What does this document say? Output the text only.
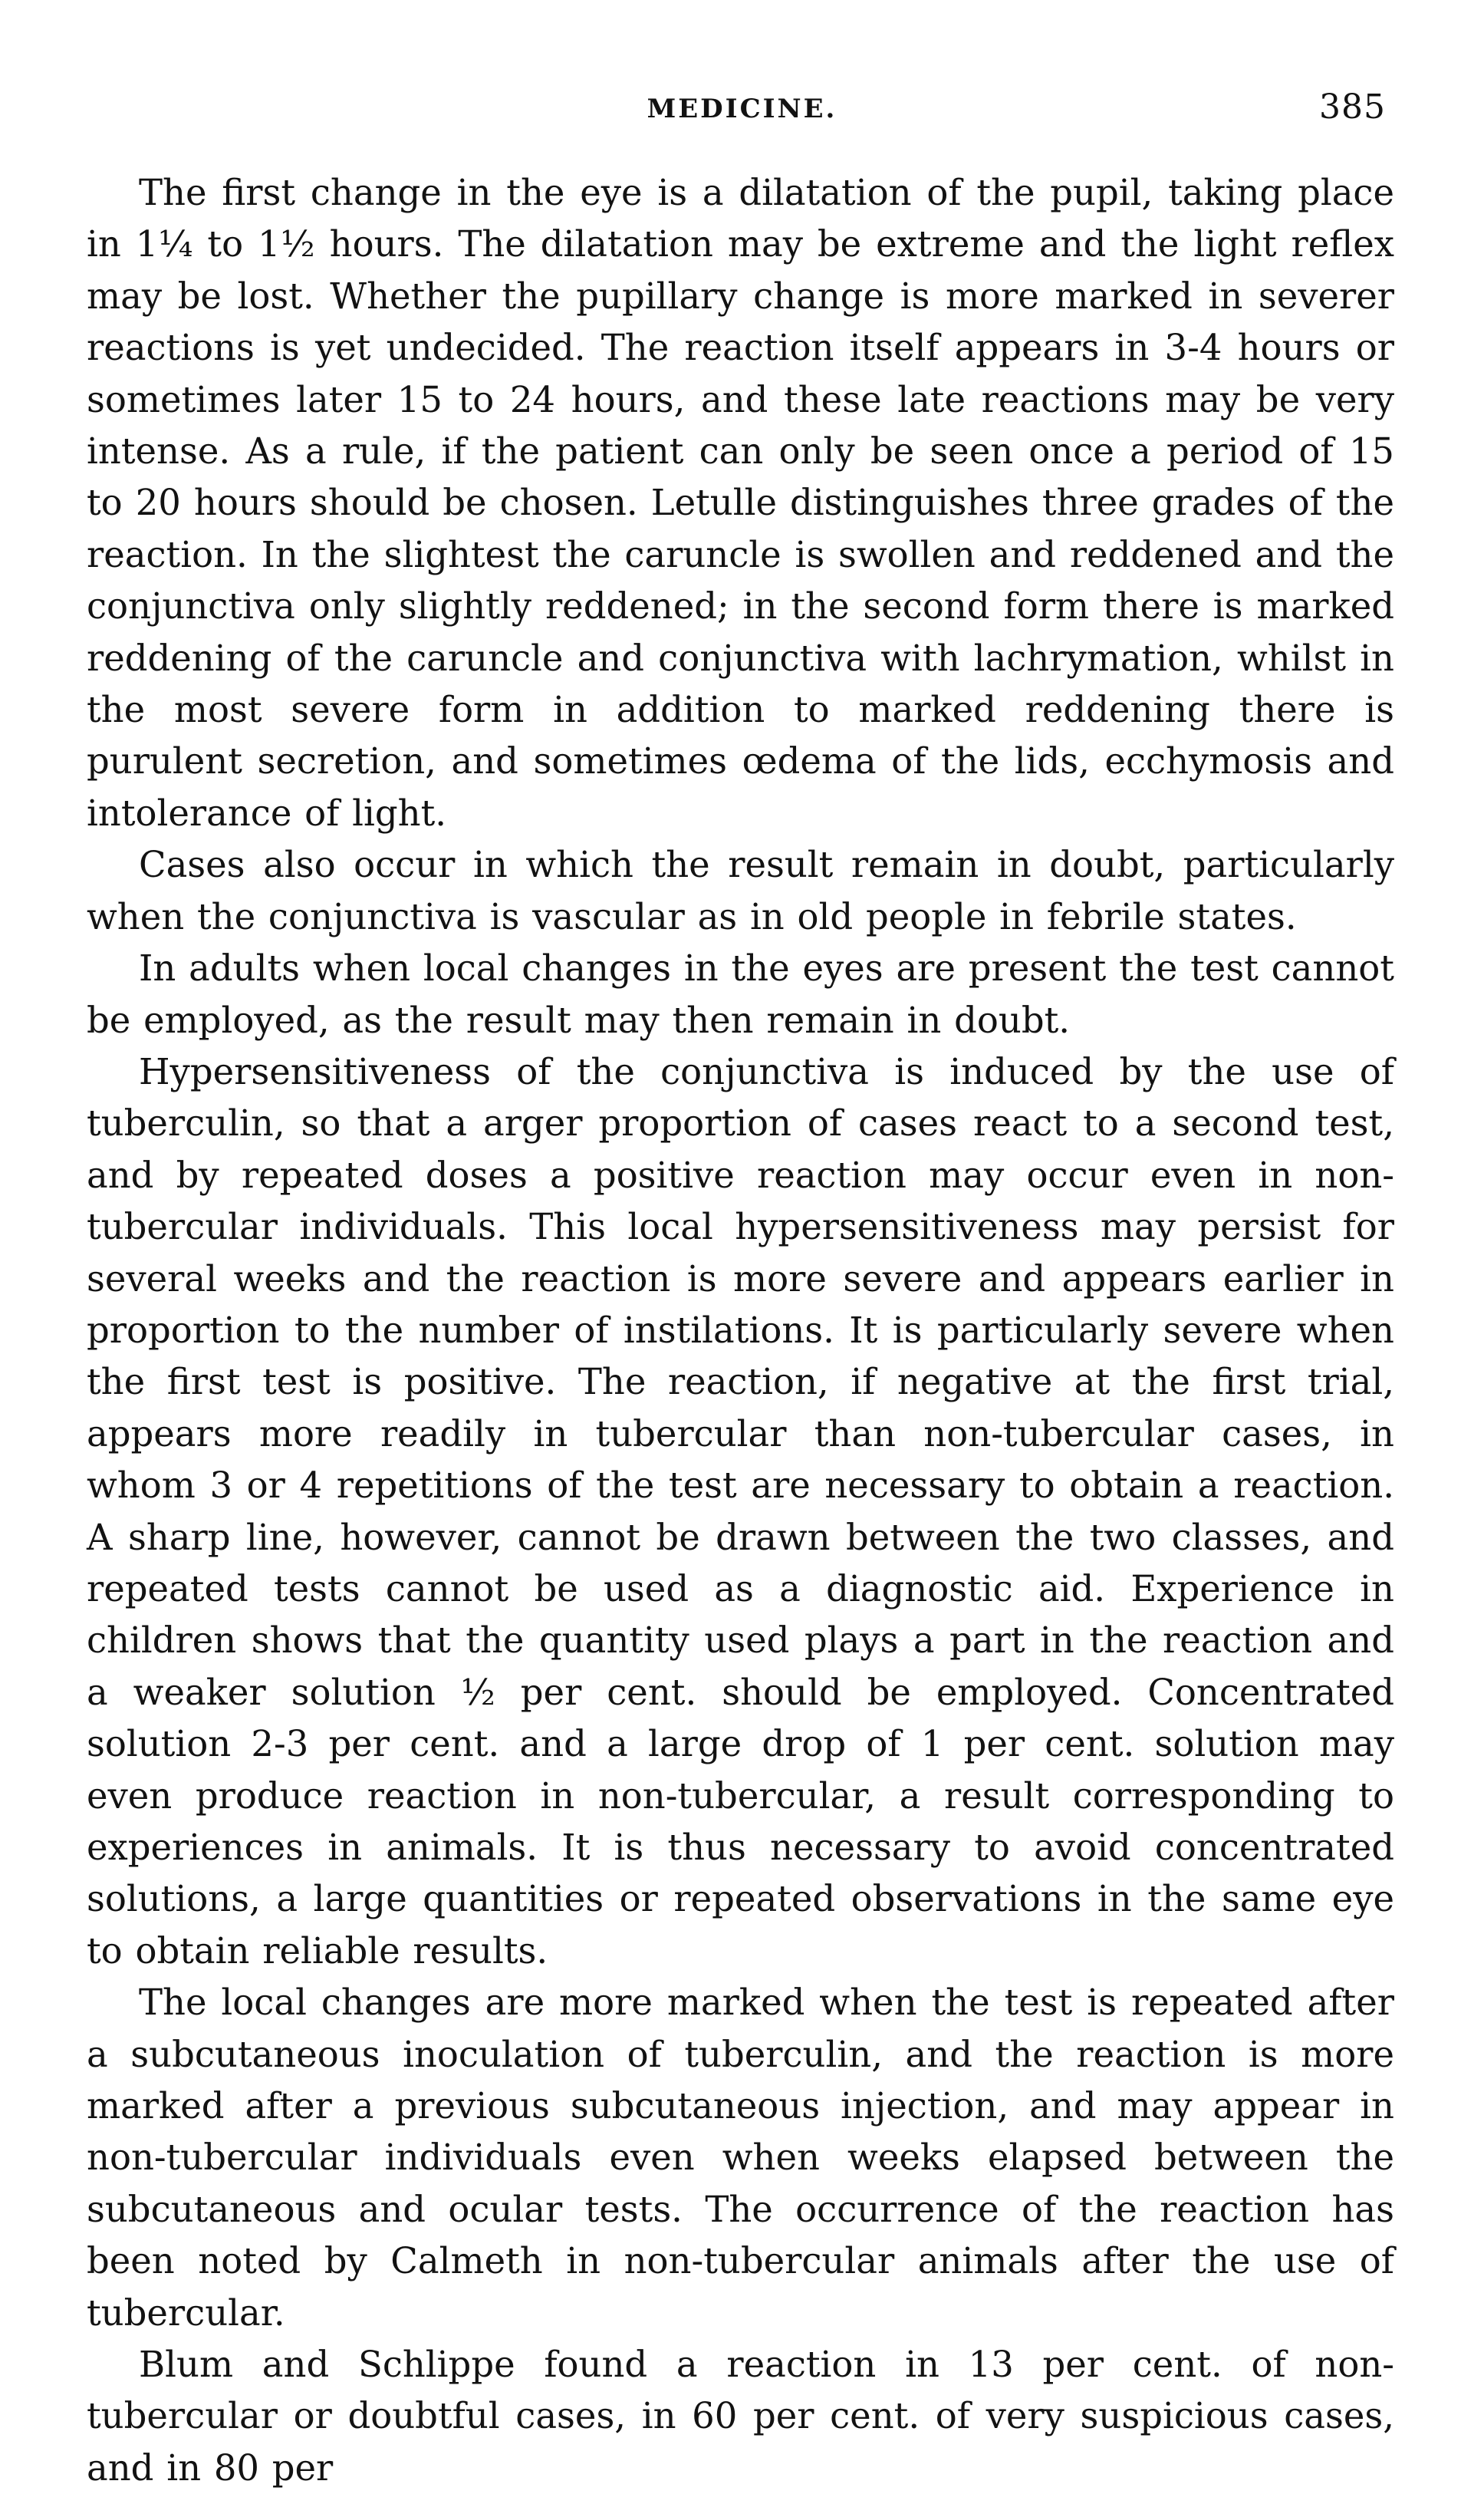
MEDICINE.	385

The first change in the eye is a dilatation of the pupil, taking place in 1¼ to 1½ hours. The dilatation may be extreme and the light reflex may be lost. Whether the pupillary change is more marked in severer reactions is yet undecided. The reaction itself appears in 3-4 hours or sometimes later 15 to 24 hours, and these late reactions may be very intense. As a rule, if the patient can only be seen once a period of 15 to 20 hours should be chosen. Letulle distinguishes three grades of the reaction. In the slightest the caruncle is swollen and reddened and the conjunctiva only slightly reddened; in the second form there is marked reddening of the caruncle and conjunctiva with lachrymation, whilst in the most severe form in addition to marked reddening there is purulent secretion, and sometimes œdema of the lids, ecchymosis and intolerance of light.

Cases also occur in which the result remain in doubt, particularly when the conjunctiva is vascular as in old people in febrile states.

In adults when local changes in the eyes are present the test cannot be employed, as the result may then remain in doubt.

Hypersensitiveness of the conjunctiva is induced by the use of tuberculin, so that a arger proportion of cases react to a second test, and by repeated doses a positive reaction may occur even in non-tubercular individuals. This local hypersensitiveness may persist for several weeks and the reaction is more severe and appears earlier in proportion to the number of instilations. It is particularly severe when the first test is positive. The reaction, if negative at the first trial, appears more readily in tubercular than non-tubercular cases, in whom 3 or 4 repetitions of the test are necessary to obtain a reaction. A sharp line, however, cannot be drawn between the two classes, and repeated tests cannot be used as a diagnostic aid. Experience in children shows that the quantity used plays a part in the reaction and a weaker solution ½ per cent. should be employed. Concentrated solution 2-3 per cent. and a large drop of 1 per cent. solution may even produce reaction in non-tubercular, a result corresponding to experiences in animals. It is thus necessary to avoid concentrated solutions, a large quantities or repeated observations in the same eye to obtain reliable results.

The local changes are more marked when the test is repeated after a subcutaneous inoculation of tuberculin, and the reaction is more marked after a previous subcutaneous injection, and may appear in non-tubercular individuals even when weeks elapsed between the subcutaneous and ocular tests. The occurrence of the reaction has been noted by Calmeth in non-tubercular animals after the use of tubercular.

Blum and Schlippe found a reaction in 13 per cent. of non-tubercular or doubtful cases, in 60 per cent. of very suspicious cases, and in 80 per
